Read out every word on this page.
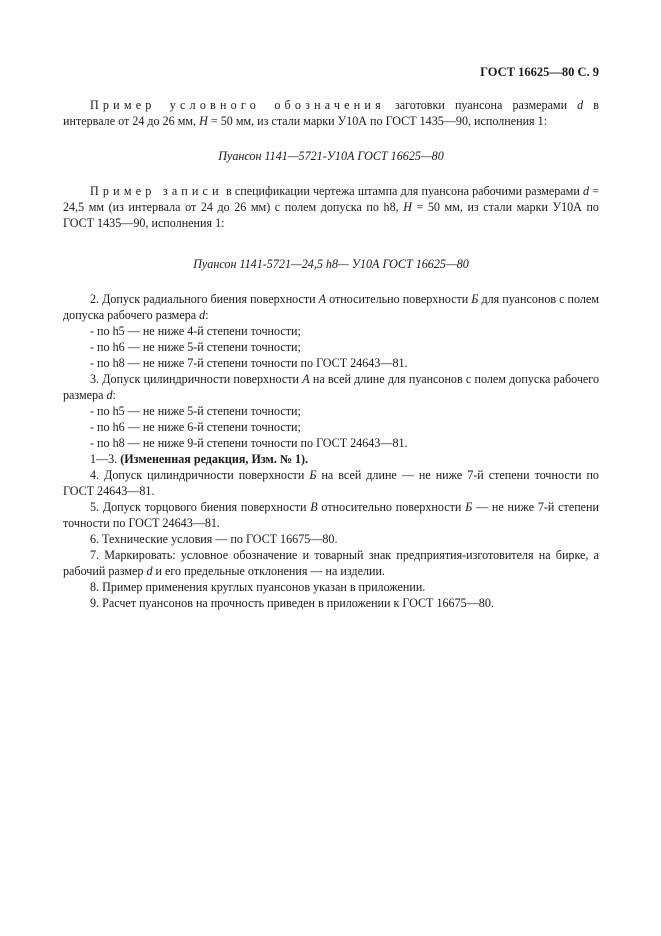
ГОСТ 16625—80 С. 9

Пример условного обозначения заготовки пуансона размерами d в интервале от 24 до 26 мм, H = 50 мм, из стали марки У10А по ГОСТ 1435—90, исполнения 1:

Пуансон 1141—5721-У10А ГОСТ 16625—80

Пример записи в спецификации чертежа штампа для пуансона рабочими размерами d = 24,5 мм (из интервала от 24 до 26 мм) с полем допуска по h8, H = 50 мм, из стали марки У10А по ГОСТ 1435—90, исполнения 1:

Пуансон 1141-5721—24,5 h8— У10А ГОСТ 16625—80

2. Допуск радиального биения поверхности А относительно поверхности Б для пуансонов с полем допуска рабочего размера d:

- по h5 — не ниже 4-й степени точности;

- по h6 — не ниже 5-й степени точности;

- по h8 — не ниже 7-й степени точности по ГОСТ 24643—81.

3. Допуск цилиндричности поверхности А на всей длине для пуансонов с полем допуска рабочего размера d:

- по h5 — не ниже 5-й степени точности;

- по h6 — не ниже 6-й степени точности;

- по h8 — не ниже 9-й степени точности по ГОСТ 24643—81.

1—3. (Измененная редакция, Изм. № 1).

4. Допуск цилиндричности поверхности Б на всей длине — не ниже 7-й степени точности по ГОСТ 24643—81.

5. Допуск торцового биения поверхности В относительно поверхности Б — не ниже 7-й степени точности по ГОСТ 24643—81.

6. Технические условия — по ГОСТ 16675—80.

7. Маркировать: условное обозначение и товарный знак предприятия-изготовителя на бирке, а рабочий размер d и его предельные отклонения — на изделии.

8. Пример применения круглых пуансонов указан в приложении.

9. Расчет пуансонов на прочность приведен в приложении к ГОСТ 16675—80.
